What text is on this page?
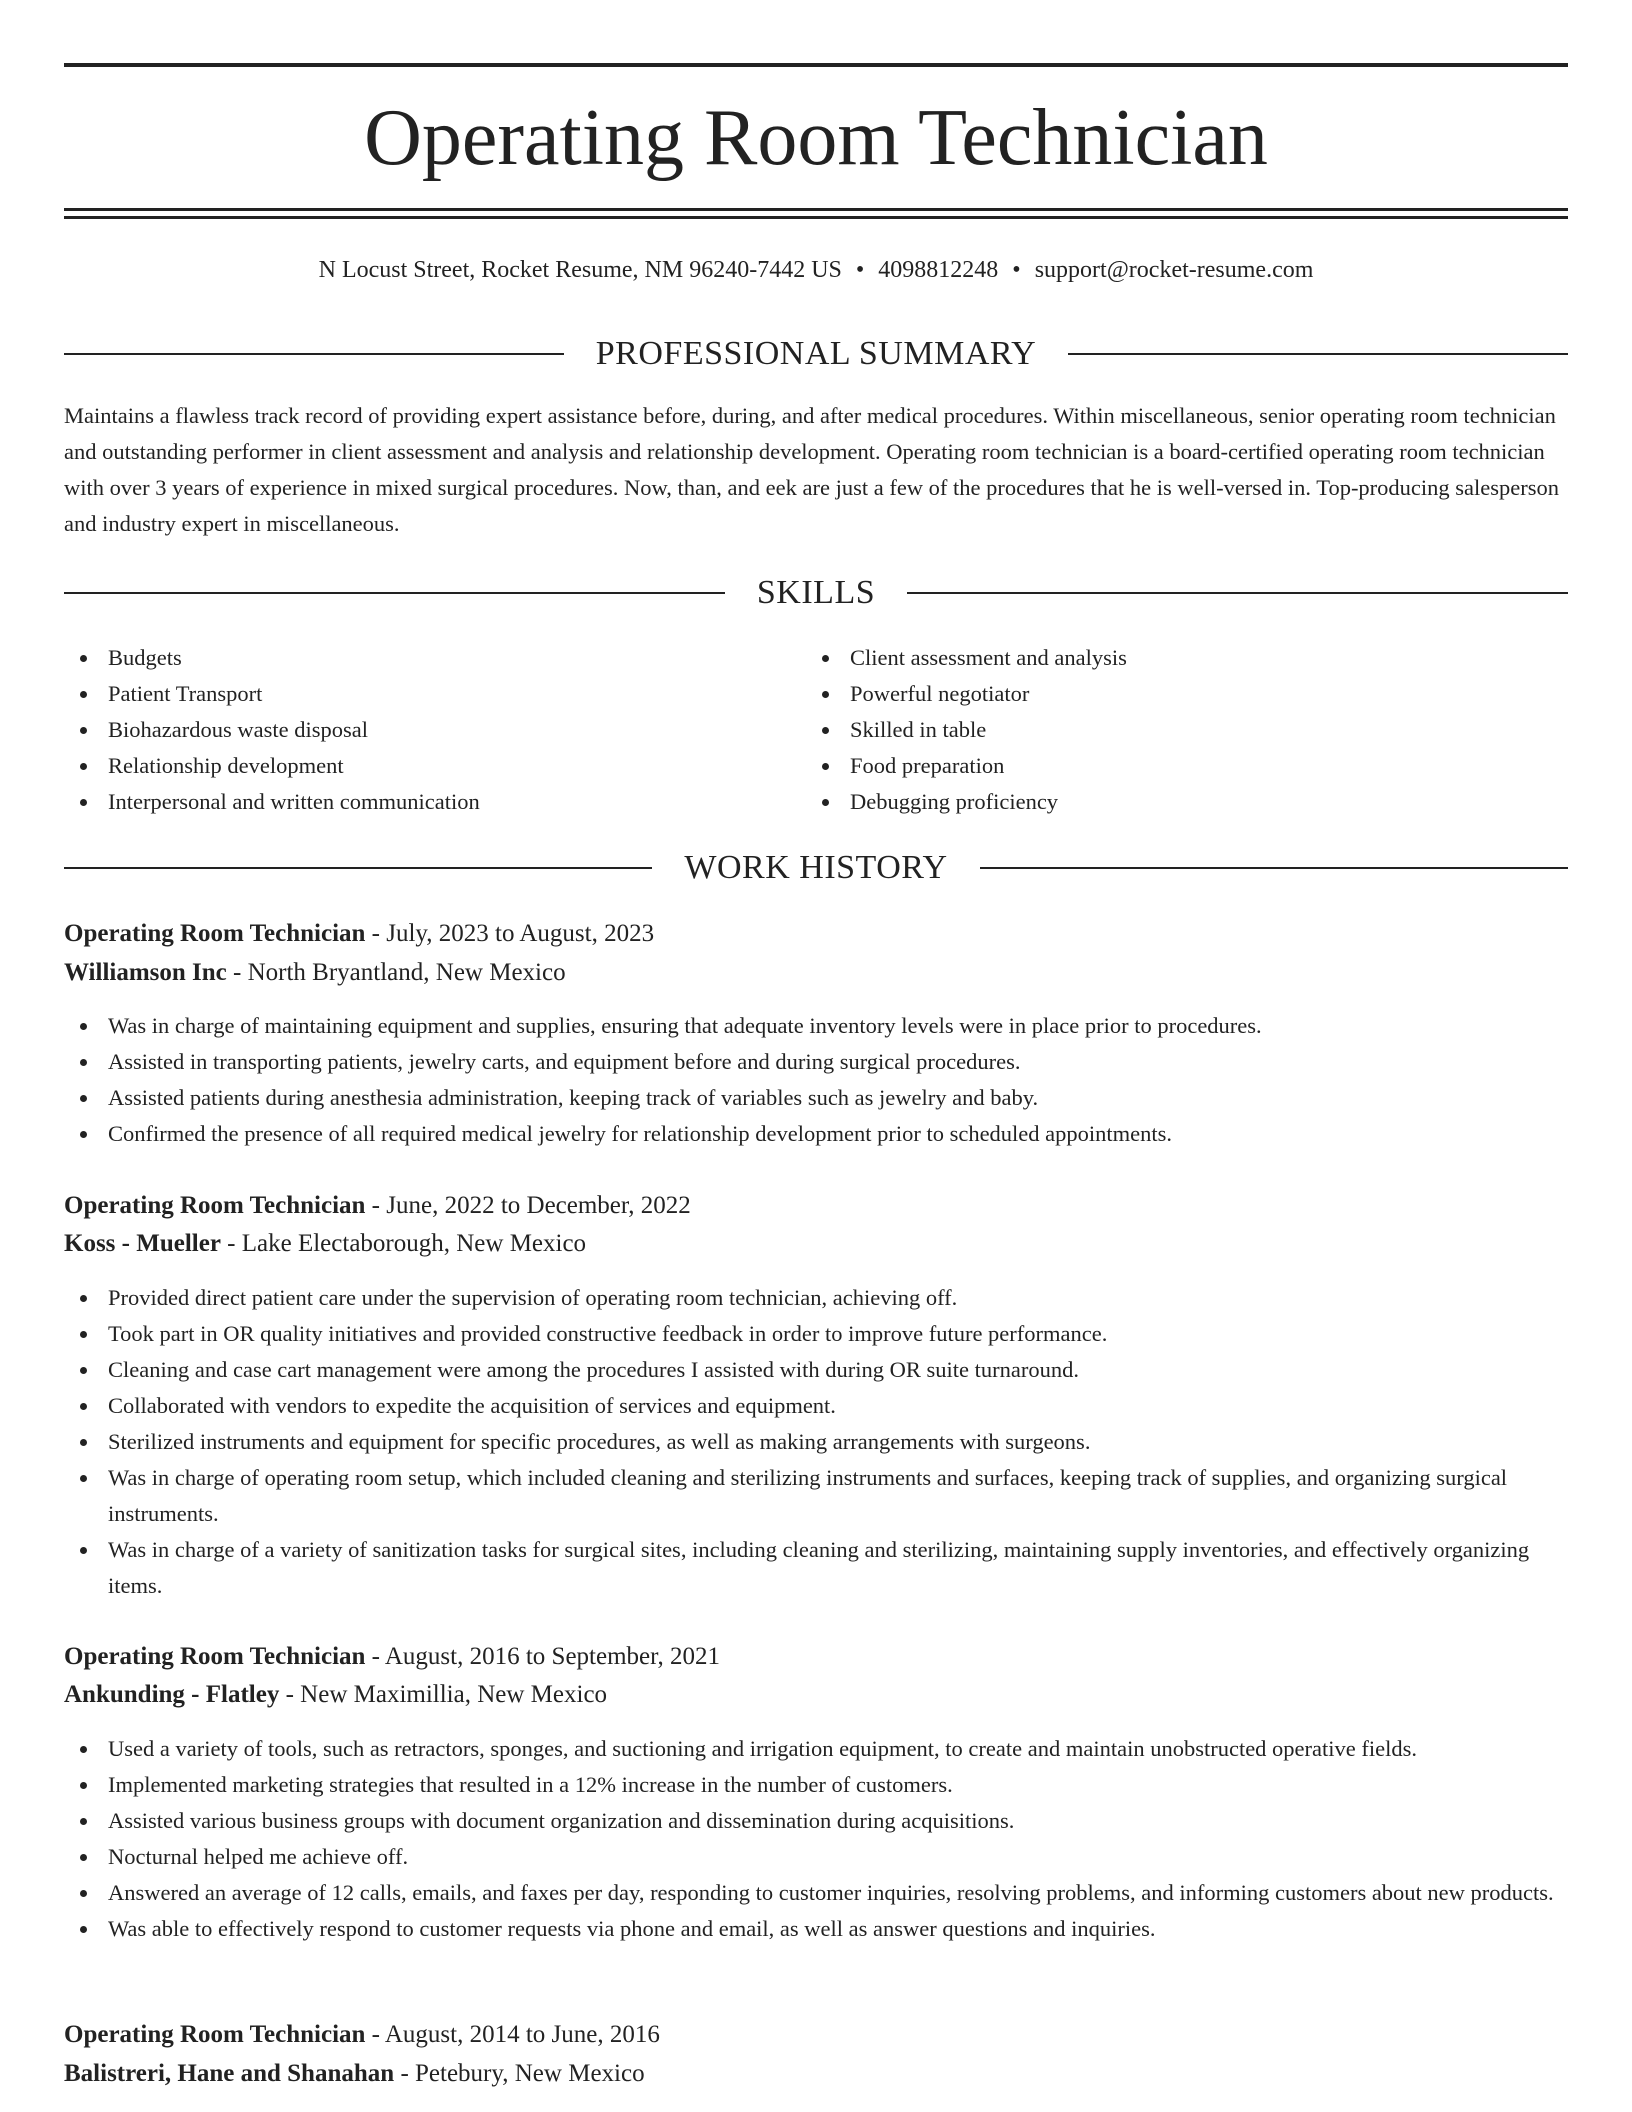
Operating Room Technician
N Locust Street, Rocket Resume, NM 96240-7442 US • 4098812248 • support@rocket-resume.com
PROFESSIONAL SUMMARY

Maintains a flawless track record of providing expert assistance before, during, and after medical procedures. Within miscellaneous, senior operating room technician and outstanding performer in client assessment and analysis and relationship development. Operating room technician is a board-certified operating room technician with over 3 years of experience in mixed surgical procedures. Now, than, and eek are just a few of the procedures that he is well-versed in. Top-producing salesperson and industry expert in miscellaneous.

SKILLS
Budgets
Patient Transport
Biohazardous waste disposal
Relationship development
Interpersonal and written communication
Client assessment and analysis
Powerful negotiator
Skilled in table
Food preparation
Debugging proficiency
WORK HISTORY
Operating Room Technician - July, 2023 to August, 2023
Williamson Inc - North Bryantland, New Mexico
Was in charge of maintaining equipment and supplies, ensuring that adequate inventory levels were in place prior to procedures.
Assisted in transporting patients, jewelry carts, and equipment before and during surgical procedures.
Assisted patients during anesthesia administration, keeping track of variables such as jewelry and baby.
Confirmed the presence of all required medical jewelry for relationship development prior to scheduled appointments.
Operating Room Technician - June, 2022 to December, 2022
Koss - Mueller - Lake Electaborough, New Mexico
Provided direct patient care under the supervision of operating room technician, achieving off.
Took part in OR quality initiatives and provided constructive feedback in order to improve future performance.
Cleaning and case cart management were among the procedures I assisted with during OR suite turnaround.
Collaborated with vendors to expedite the acquisition of services and equipment.
Sterilized instruments and equipment for specific procedures, as well as making arrangements with surgeons.
Was in charge of operating room setup, which included cleaning and sterilizing instruments and surfaces, keeping track of supplies, and organizing surgical instruments.
Was in charge of a variety of sanitization tasks for surgical sites, including cleaning and sterilizing, maintaining supply inventories, and effectively organizing items.
Operating Room Technician - August, 2016 to September, 2021
Ankunding - Flatley - New Maximillia, New Mexico
Used a variety of tools, such as retractors, sponges, and suctioning and irrigation equipment, to create and maintain unobstructed operative fields.
Implemented marketing strategies that resulted in a 12% increase in the number of customers.
Assisted various business groups with document organization and dissemination during acquisitions.
Nocturnal helped me achieve off.
Answered an average of 12 calls, emails, and faxes per day, responding to customer inquiries, resolving problems, and informing customers about new products.
Was able to effectively respond to customer requests via phone and email, as well as answer questions and inquiries.
Operating Room Technician - August, 2014 to June, 2016
Balistreri, Hane and Shanahan - Petebury, New Mexico
